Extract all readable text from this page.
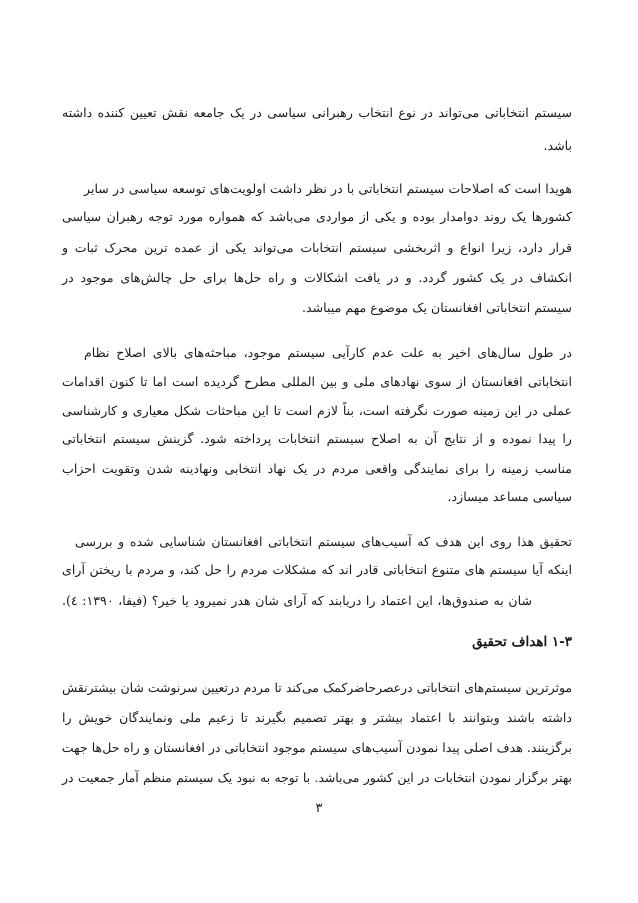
سیستم انتخاباتی می‌تواند در نوع انتخاب رهبرانی سیاسی در یک جامعه نقش تعیین کننده داشته
باشد.
هویدا است که اصلاحات سیستم انتخاباتی با در نظر داشت اولویت‌های توسعه سیاسی در سایر
کشورها یک روند دوامدار بوده و یکی از مواردی می‌باشد که همواره مورد توجه رهبران سیاسی
قرار دارد، زیرا انواع و اثربخشی سیستم انتخابات می‌تواند یکی از عمده ترین محرک ثبات و
انکشاف در یک کشور گردد. و در یافت اشکالات و راه حل‌ها برای حل چالش‌های موجود در
سیستم انتخاباتی افغانستان یک موضوع مهم میباشد.
در طول سال‌های اخیر به علت عدم کارآیی سیستم موجود، مباحثه‌های بالای اصلاح نظام
انتخاباتی افغانستان از سوی نهادهای ملی و بین المللی مطرح گردیده است اما تا کنون اقدامات
عملی در این زمینه صورت نگرفته است، بناً لازم است تا این مباحثات شکل معیاری و کارشناسی
را پیدا نموده و از نتایج آن به اصلاح سیستم انتخابات پرداخته شود. گزینش سیستم انتخاباتی
مناسب زمینه را برای نمایندگی واقعی مردم در یک نهاد انتخابی ونهادینه شدن وتقویت احزاب
سیاسی مساعد میسازد.
تحقیق هذا روی این هدف که آسیب‌های سیستم انتخاباتی افغانستان شناسایی شده و بررسی
اینکه آیا سیستم های متنوع انتخاباتی قادر اند که مشکلات مردم را حل کند، و مردم با ریختن آرای
شان به صندوق‌ها، این اعتماد را دریابند که آرای شان هدر نمیرود یا خیر؟ (فیفا، ۱۳۹۰: ٤).
۱-۳ اهداف تحقیق
موثرترین سیستم‌های انتخاباتی درعصرحاضرکمک می‌کند تا مردم درتعیین سرنوشت شان بیشترنقش
داشته باشند وبتوانند با اعتماد بیشتر و بهتر تصمیم بگیرند تا زعیم ملی ونمایندگان خویش را
برگزینند. هدف اصلی پیدا نمودن آسیب‌های سیستم موجود انتخاباتی در افغانستان و راه حل‌ها جهت
بهتر برگزار نمودن انتخابات در این کشور می‌باشد. با توجه به نبود یک سیستم منظم آمار جمعیت در
۳
